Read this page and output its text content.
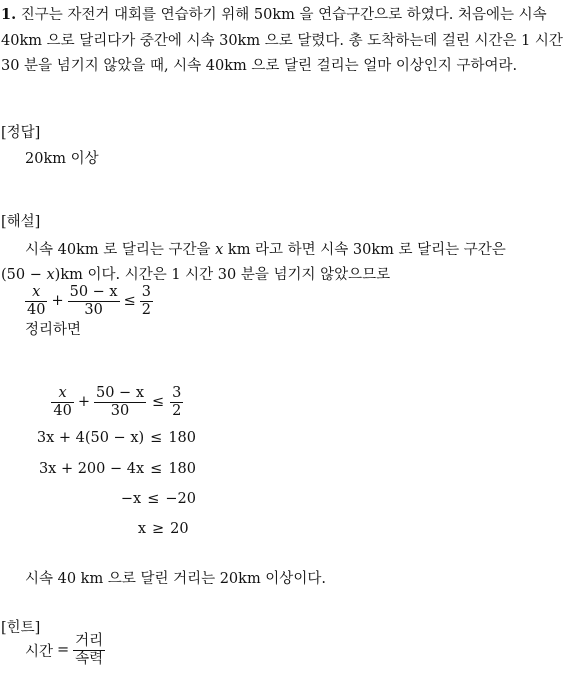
1. 진구는 자전거 대회를 연습하기 위해 50km 을 연습구간으로 하였다. 처음에는 시속 40km 으로 달리다가 중간에 시속 30km 으로 달렸다. 총 도착하는데 걸린 시간은 1 시간 30 분을 넘기지 않았을 때, 시속 40km 으로 달린 걸리는 얼마 이상인지 구하여라.
[정답]
20km 이상
[해설]
시속 40km 로 달리는 구간을 x km 라고 하면 시속 30km 로 달리는 구간은
(50 − x)km 이다. 시간은 1 시간 30 분을 넘기지 않았으므로
$\frac{x}{40} + \frac{50 - x}{30} \le \frac{3}{2}$
정리하면
$\frac{x}{40} + \frac{50 - x}{30} \le \frac{3}{2}$
3x + 4(50 − x) ≤ 180
3x + 200 − 4x ≤ 180
−x ≤ −20
x ≥ 20
시속 40 km 으로 달린 거리는 20km 이상이다.
[힌트]
시간 = $\frac{\text{거리}}{\text{속력}}$
